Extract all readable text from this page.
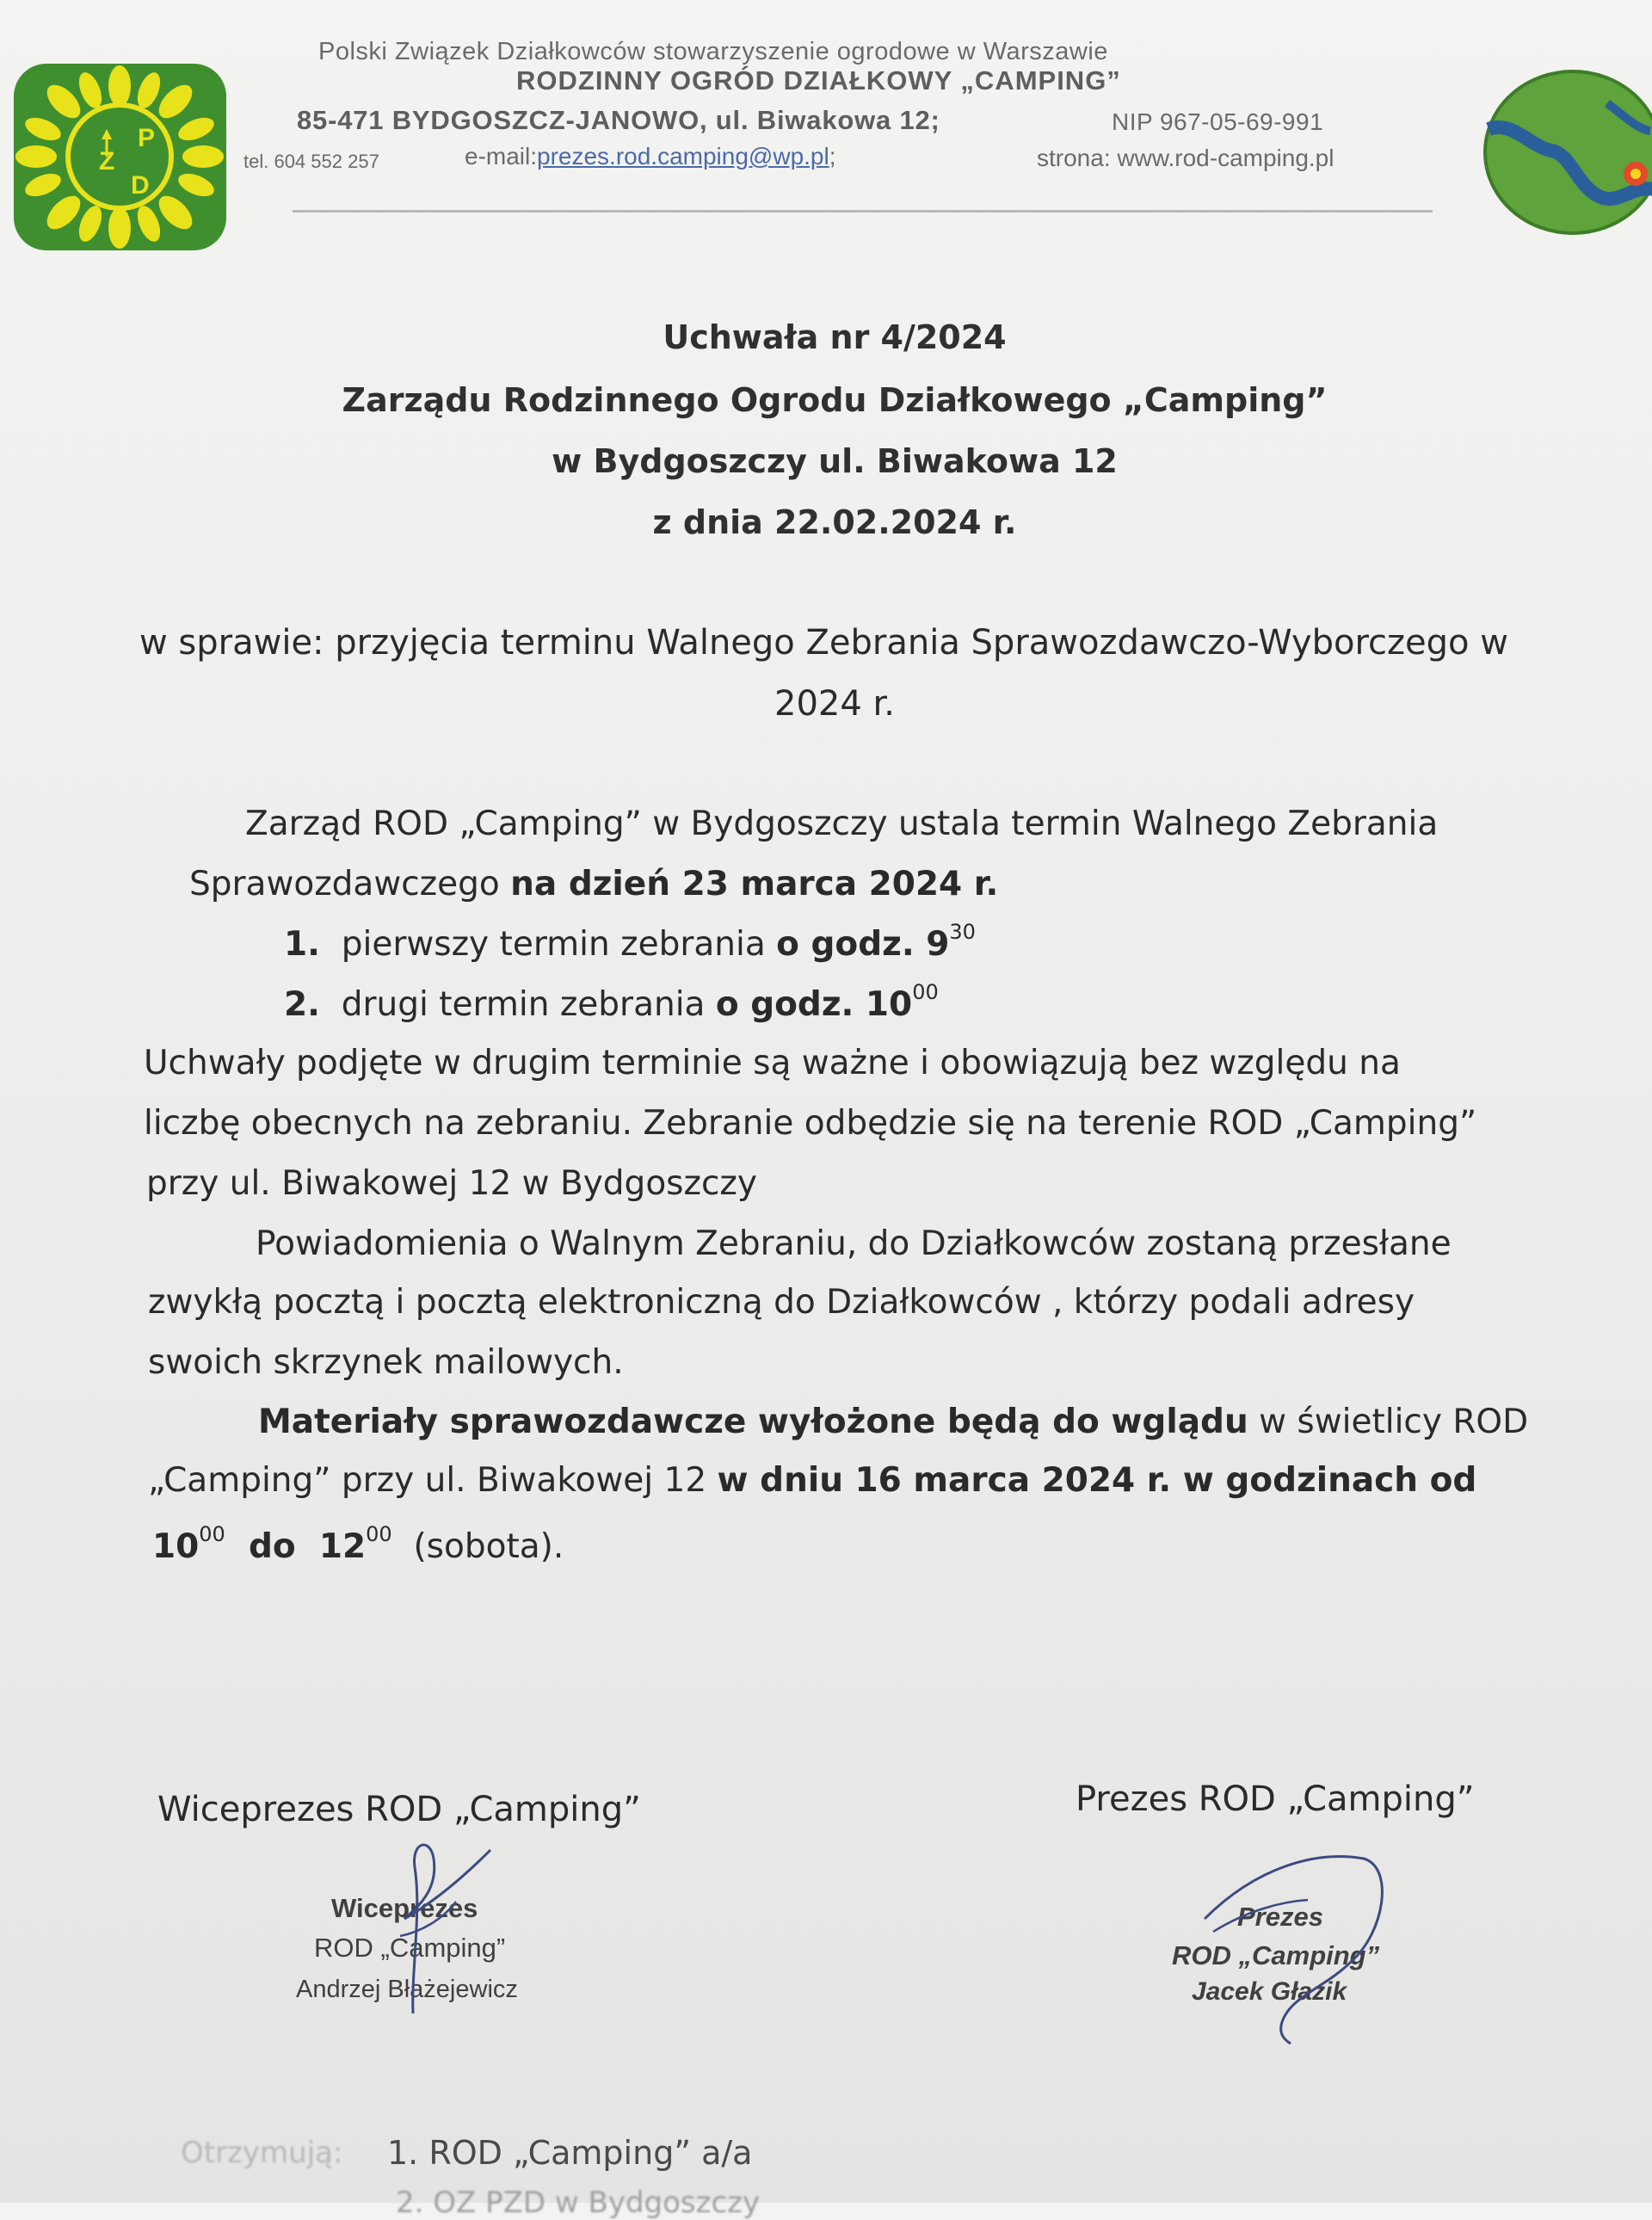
P
Z
D
Polski Związek Działkowców stowarzyszenie ogrodowe w Warszawie
RODZINNY OGRÓD DZIAŁKOWY „CAMPING”
85-471 BYDGOSZCZ-JANOWO, ul. Biwakowa 12;	NIP 967-05-69-991
tel. 604 552 257	e-mail:prezes.rod.camping@wp.pl;	strona: www.rod-camping.pl
Uchwała nr 4/2024
Zarządu Rodzinnego Ogrodu Działkowego „Camping”
w Bydgoszczy ul. Biwakowa 12
z dnia 22.02.2024 r.
w sprawie: przyjęcia terminu Walnego Zebrania Sprawozdawczo-Wyborczego w
2024 r.
Zarząd ROD „Camping” w Bydgoszczy ustala termin Walnego Zebrania
Sprawozdawczego na dzień 23 marca 2024 r.
1. pierwszy termin zebrania o godz. $9^{30}$
2. drugi termin zebrania o godz. $10^{00}$
Uchwały podjęte w drugim terminie są ważne i obowiązują bez względu na
liczbę obecnych na zebraniu. Zebranie odbędzie się na terenie ROD „Camping”
przy ul. Biwakowej 12 w Bydgoszczy
Powiadomienia o Walnym Zebraniu, do Działkowców zostaną przesłane
zwykłą pocztą i pocztą elektroniczną do Działkowców , którzy podali adresy
swoich skrzynek mailowych.
Materiały sprawozdawcze wyłożone będą do wglądu w świetlicy ROD
„Camping” przy ul. Biwakowej 12 w dniu 16 marca 2024 r. w godzinach od
$10^{00}$  do  $12^{00}$  (sobota).
Wiceprezes ROD „Camping”	Prezes ROD „Camping”
Wiceprezes
ROD „Camping”
Andrzej Błażejewicz
Prezes
ROD „Camping”
Jacek Głazik
Otrzymują: 1. ROD „Camping” a/a
2. OZ PZD w Bydgoszczy
